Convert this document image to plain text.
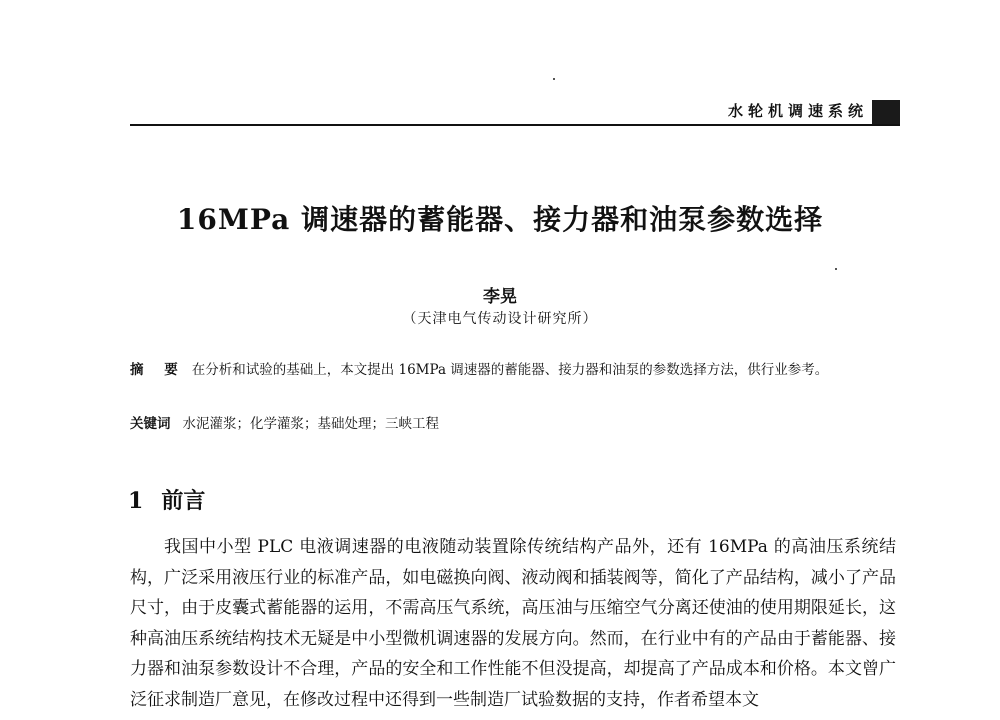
水轮机调速系统
16MPa 调速器的蓄能器、接力器和油泵参数选择
李晃
（天津电气传动设计研究所）
摘 要 在分析和试验的基础上，本文提出 16MPa 调速器的蓄能器、接力器和油泵的参数选择方法，供行业参考。
关键词 水泥灌浆；化学灌浆；基础处理；三峡工程
1 前言
我国中小型 PLC 电液调速器的电液随动装置除传统结构产品外，还有 16MPa 的高油压系统结构，广泛采用液压行业的标准产品，如电磁换向阀、液动阀和插装阀等，简化了产品结构，减小了产品尺寸，由于皮囊式蓄能器的运用，不需高压气系统，高压油与压缩空气分离还使油的使用期限延长，这种高油压系统结构技术无疑是中小型微机调速器的发展方向。然而，在行业中有的产品由于蓄能器、接力器和油泵参数设计不合理，产品的安全和工作性能不但没提高，却提高了产品成本和价格。本文曾广泛征求制造厂意见，在修改过程中还得到一些制造厂试验数据的支持，作者希望本文
